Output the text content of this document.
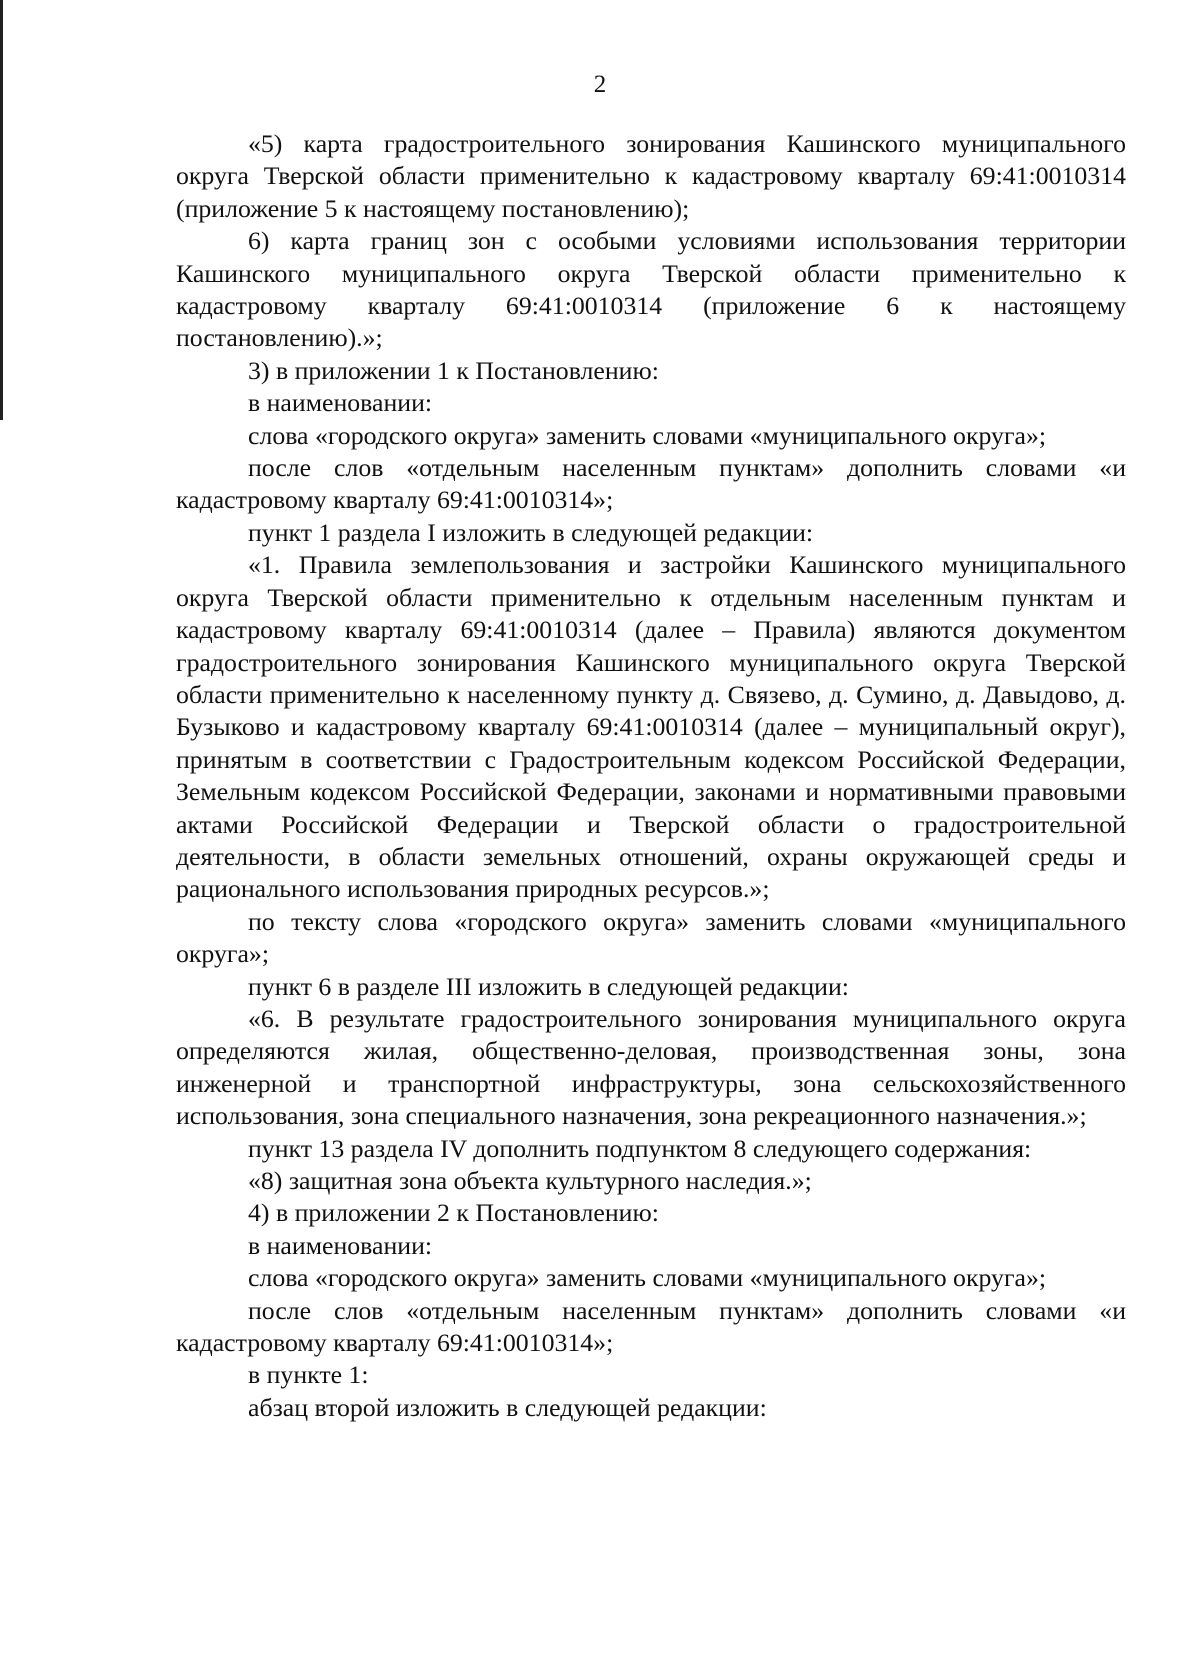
2

«5) карта градостроительного зонирования Кашинского муниципального округа Тверской области применительно к кадастровому кварталу 69:41:0010314 (приложение 5 к настоящему постановлению);

6) карта границ зон с особыми условиями использования территории Кашинского муниципального округа Тверской области применительно к кадастровому кварталу 69:41:0010314 (приложение 6 к настоящему постановлению).»;

3) в приложении 1 к Постановлению:

в наименовании:

слова «городского округа» заменить словами «муниципального округа»;

после слов «отдельным населенным пунктам» дополнить словами «и кадастровому кварталу 69:41:0010314»;

пункт 1 раздела I изложить в следующей редакции:

«1. Правила землепользования и застройки Кашинского муниципального округа Тверской области применительно к отдельным населенным пунктам и кадастровому кварталу 69:41:0010314 (далее – Правила) являются документом градостроительного зонирования Кашинского муниципального округа Тверской области применительно к населенному пункту д. Связево, д. Сумино, д. Давыдово, д. Бузыково и кадастровому кварталу 69:41:0010314 (далее – муниципальный округ), принятым в соответствии с Градостроительным кодексом Российской Федерации, Земельным кодексом Российской Федерации, законами и нормативными правовыми актами Российской Федерации и Тверской области о градостроительной деятельности, в области земельных отношений, охраны окружающей среды и рационального использования природных ресурсов.»;

по тексту слова «городского округа» заменить словами «муниципального округа»;

пункт 6 в разделе III изложить в следующей редакции:

«6. В результате градостроительного зонирования муниципального округа определяются жилая, общественно-деловая, производственная зоны, зона инженерной и транспортной инфраструктуры, зона сельскохозяйственного использования, зона специального назначения, зона рекреационного назначения.»;

пункт 13 раздела IV дополнить подпунктом 8 следующего содержания:

«8) защитная зона объекта культурного наследия.»;

4) в приложении 2 к Постановлению:

в наименовании:

слова «городского округа» заменить словами «муниципального округа»;

после слов «отдельным населенным пунктам» дополнить словами «и кадастровому кварталу 69:41:0010314»;

в пункте 1:

абзац второй изложить в следующей редакции:
